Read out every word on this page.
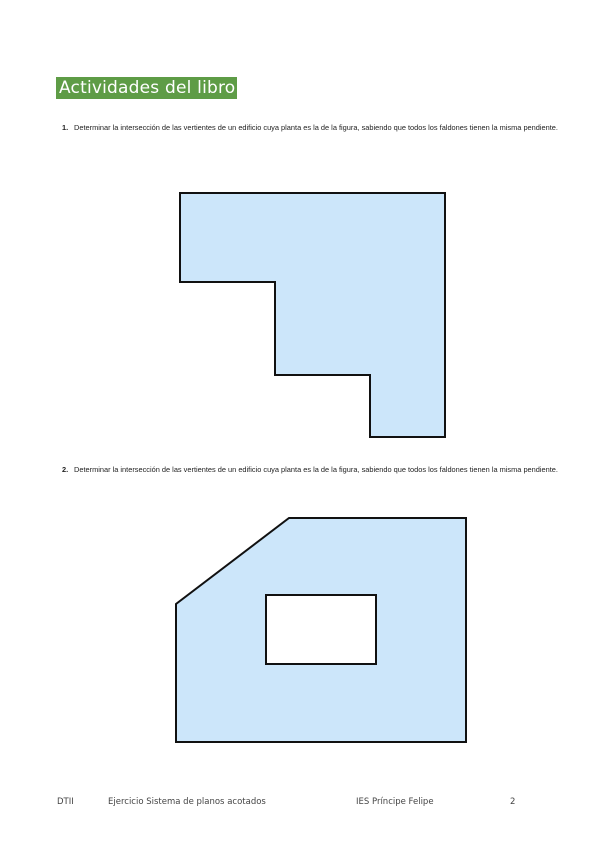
Actividades del libro
1. Determinar la intersección de las vertientes de un edificio cuya planta es la de la figura, sabiendo que todos los faldones tienen la misma pendiente.
2. Determinar la intersección de las vertientes de un edificio cuya planta es la de la figura, sabiendo que todos los faldones tienen la misma pendiente.
DTII	Ejercicio Sistema de planos acotados	IES Príncipe Felipe	2
